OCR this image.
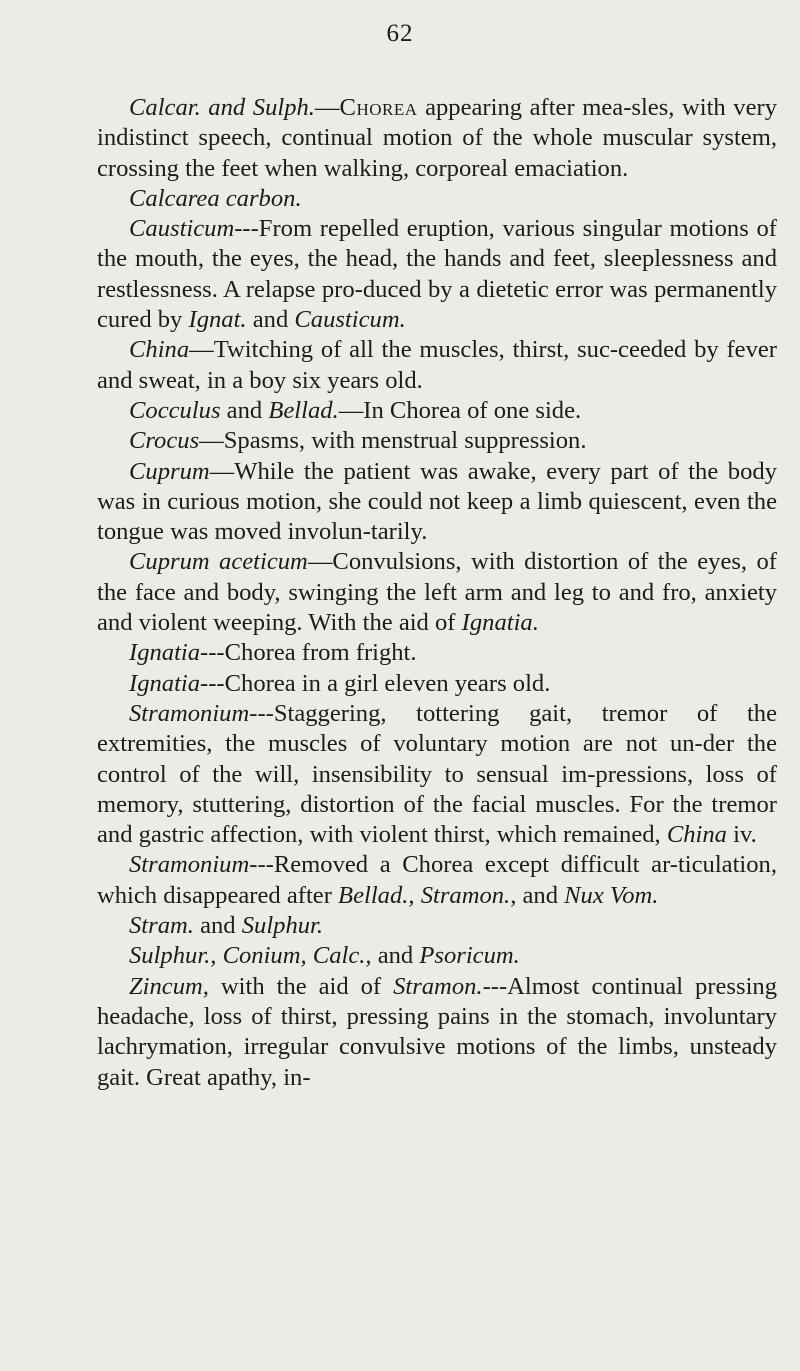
62

Calcar. and Sulph.—Chorea appearing after mea-sles, with very indistinct speech, continual motion of the whole muscular system, crossing the feet when walking, corporeal emaciation.

Calcarea carbon.

Causticum---From repelled eruption, various singular motions of the mouth, the eyes, the head, the hands and feet, sleeplessness and restlessness. A relapse pro-duced by a dietetic error was permanently cured by Ignat. and Causticum.

China—Twitching of all the muscles, thirst, suc-ceeded by fever and sweat, in a boy six years old.

Cocculus and Bellad.—In Chorea of one side.

Crocus—Spasms, with menstrual suppression.

Cuprum—While the patient was awake, every part of the body was in curious motion, she could not keep a limb quiescent, even the tongue was moved involun-tarily.

Cuprum aceticum—Convulsions, with distortion of the eyes, of the face and body, swinging the left arm and leg to and fro, anxiety and violent weeping. With the aid of Ignatia.

Ignatia---Chorea from fright.

Ignatia---Chorea in a girl eleven years old.

Stramonium---Staggering, tottering gait, tremor of the extremities, the muscles of voluntary motion are not un-der the control of the will, insensibility to sensual im-pressions, loss of memory, stuttering, distortion of the facial muscles. For the tremor and gastric affection, with violent thirst, which remained, China iv.

Stramonium---Removed a Chorea except difficult ar-ticulation, which disappeared after Bellad., Stramon., and Nux Vom.

Stram. and Sulphur.

Sulphur., Conium, Calc., and Psoricum.

Zincum, with the aid of Stramon.---Almost continual pressing headache, loss of thirst, pressing pains in the stomach, involuntary lachrymation, irregular convulsive motions of the limbs, unsteady gait. Great apathy, in-
